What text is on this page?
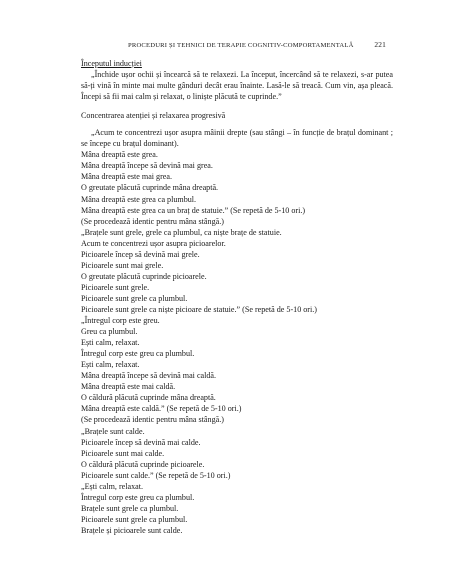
PROCEDURI ȘI TEHNICI DE TERAPIE COGNITIV-COMPORTAMENTALĂ	221

Începutul inducției

„Închide ușor ochii și încearcă să te relaxezi. La început, încercând să te relaxezi, s-ar putea să-ți vină în minte mai multe gânduri decât erau înainte. Lasă-le să treacă. Cum vin, așa pleacă. Începi să fii mai calm și relaxat, o liniște plăcută te cuprinde.”

Concentrarea atenției și relaxarea progresivă

„Acum te concentrezi ușor asupra mâinii drepte (sau stângi – în funcție de brațul dominant ; se începe cu brațul dominant).

Mâna dreaptă este grea.
Mâna dreaptă începe să devină mai grea.
Mâna dreaptă este mai grea.
O greutate plăcută cuprinde mâna dreaptă.
Mâna dreaptă este grea ca plumbul.
Mâna dreaptă este grea ca un braț de statuie.” (Se repetă de 5-10 ori.)
(Se procedează identic pentru mâna stângă.)
„Brațele sunt grele, grele ca plumbul, ca niște brațe de statuie.
Acum te concentrezi ușor asupra picioarelor.
Picioarele încep să devină mai grele.
Picioarele sunt mai grele.
O greutate plăcută cuprinde picioarele.
Picioarele sunt grele.
Picioarele sunt grele ca plumbul.
Picioarele sunt grele ca niște picioare de statuie.” (Se repetă de 5-10 ori.)
„Întregul corp este greu.
Greu ca plumbul.
Ești calm, relaxat.
Întregul corp este greu ca plumbul.
Ești calm, relaxat.
Mâna dreaptă începe să devină mai caldă.
Mâna dreaptă este mai caldă.
O căldură plăcută cuprinde mâna dreaptă.
Mâna dreaptă este caldă.” (Se repetă de 5-10 ori.)
(Se procedează identic pentru mâna stângă.)
„Brațele sunt calde.
Picioarele încep să devină mai calde.
Picioarele sunt mai calde.
O căldură plăcută cuprinde picioarele.
Picioarele sunt calde.” (Se repetă de 5-10 ori.)
„Ești calm, relaxat.
Întregul corp este greu ca plumbul.
Brațele sunt grele ca plumbul.
Picioarele sunt grele ca plumbul.
Brațele și picioarele sunt calde.
